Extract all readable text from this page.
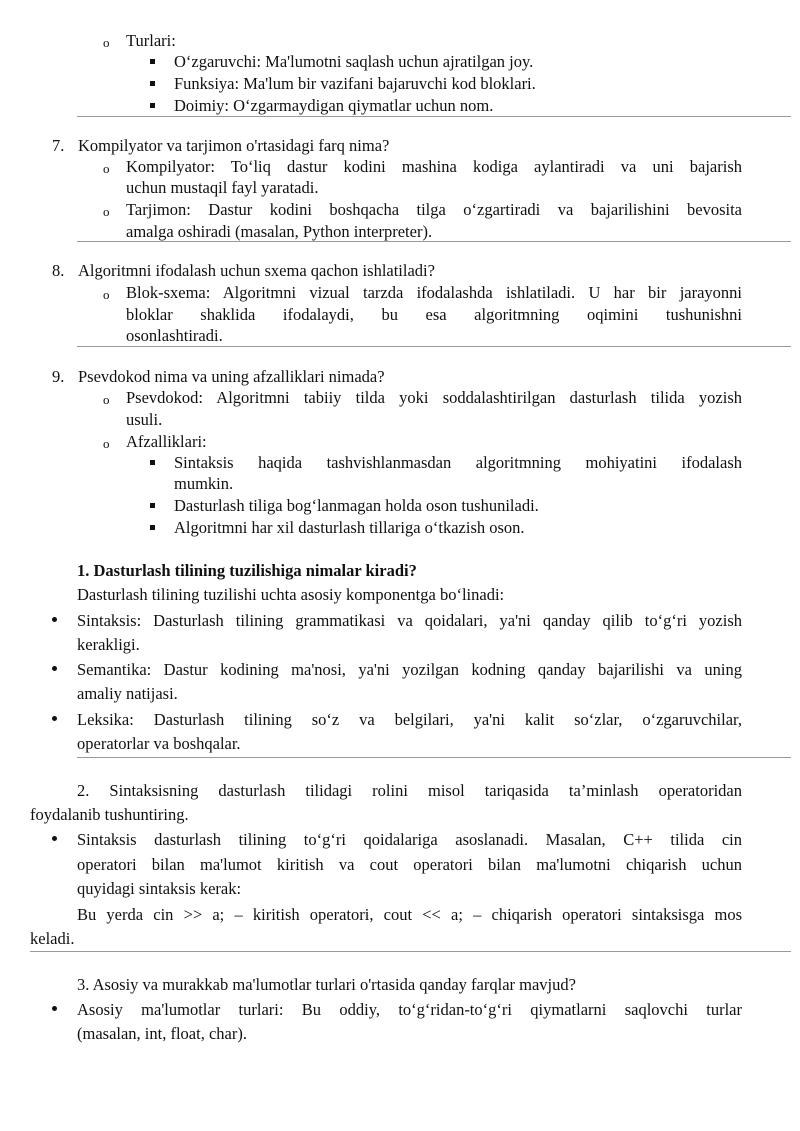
o Turlari:
O‘zgaruvchi: Ma'lumotni saqlash uchun ajratilgan joy.
Funksiya: Ma'lum bir vazifani bajaruvchi kod bloklari.
Doimiy: O‘zgarmaydigan qiymatlar uchun nom.
7. Kompilyator va tarjimon o'rtasidagi farq nima?
o Kompilyator: To‘liq dastur kodini mashina kodiga aylantiradi va uni bajarish
uchun mustaqil fayl yaratadi.
o Tarjimon: Dastur kodini boshqacha tilga o‘zgartiradi va bajarilishini bevosita
amalga oshiradi (masalan, Python interpreter).
8. Algoritmni ifodalash uchun sxema qachon ishlatiladi?
o Blok-sxema: Algoritmni vizual tarzda ifodalashda ishlatiladi. U har bir jarayonni
bloklar shaklida ifodalaydi, bu esa algoritmning oqimini tushunishni
osonlashtiradi.
9. Psevdokod nima va uning afzalliklari nimada?
o Psevdokod: Algoritmni tabiiy tilda yoki soddalashtirilgan dasturlash tilida yozish
usuli.
o Afzalliklari:
Sintaksis haqida tashvishlanmasdan algoritmning mohiyatini ifodalash
mumkin.
Dasturlash tiliga bog‘lanmagan holda oson tushuniladi.
Algoritmni har xil dasturlash tillariga o‘tkazish oson.
1. Dasturlash tilining tuzilishiga nimalar kiradi?
Dasturlash tilining tuzilishi uchta asosiy komponentga bo‘linadi:
Sintaksis: Dasturlash tilining grammatikasi va qoidalari, ya'ni qanday qilib to‘g‘ri yozish
kerakligi.
Semantika: Dastur kodining ma'nosi, ya'ni yozilgan kodning qanday bajarilishi va uning
amaliy natijasi.
Leksika: Dasturlash tilining so‘z va belgilari, ya'ni kalit so‘zlar, o‘zgaruvchilar,
operatorlar va boshqalar.
2. Sintaksisning dasturlash tilidagi rolini misol tariqasida ta’minlash operatoridan
foydalanib tushuntiring.
Sintaksis dasturlash tilining to‘g‘ri qoidalariga asoslanadi. Masalan, C++ tilida cin
operatori bilan ma'lumot kiritish va cout operatori bilan ma'lumotni chiqarish uchun
quyidagi sintaksis kerak:
Bu yerda cin >> a; – kiritish operatori, cout << a; – chiqarish operatori sintaksisga mos
keladi.
3. Asosiy va murakkab ma'lumotlar turlari o'rtasida qanday farqlar mavjud?
Asosiy ma'lumotlar turlari: Bu oddiy, to‘g‘ridan-to‘g‘ri qiymatlarni saqlovchi turlar
(masalan, int, float, char).
